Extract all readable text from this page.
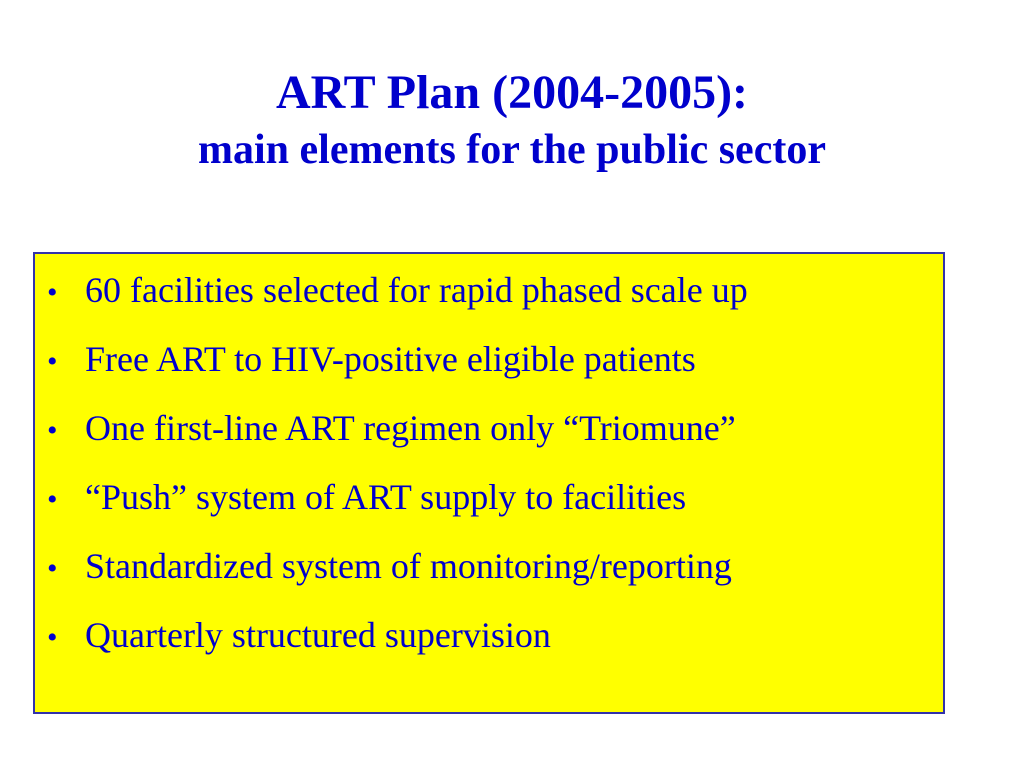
ART Plan (2004-2005):
main elements for the public sector
• 60 facilities selected for rapid phased scale up
• Free ART to HIV-positive eligible patients
• One first-line ART regimen only “Triomune”
• “Push” system of ART supply to facilities
• Standardized system of monitoring/reporting
• Quarterly structured supervision
